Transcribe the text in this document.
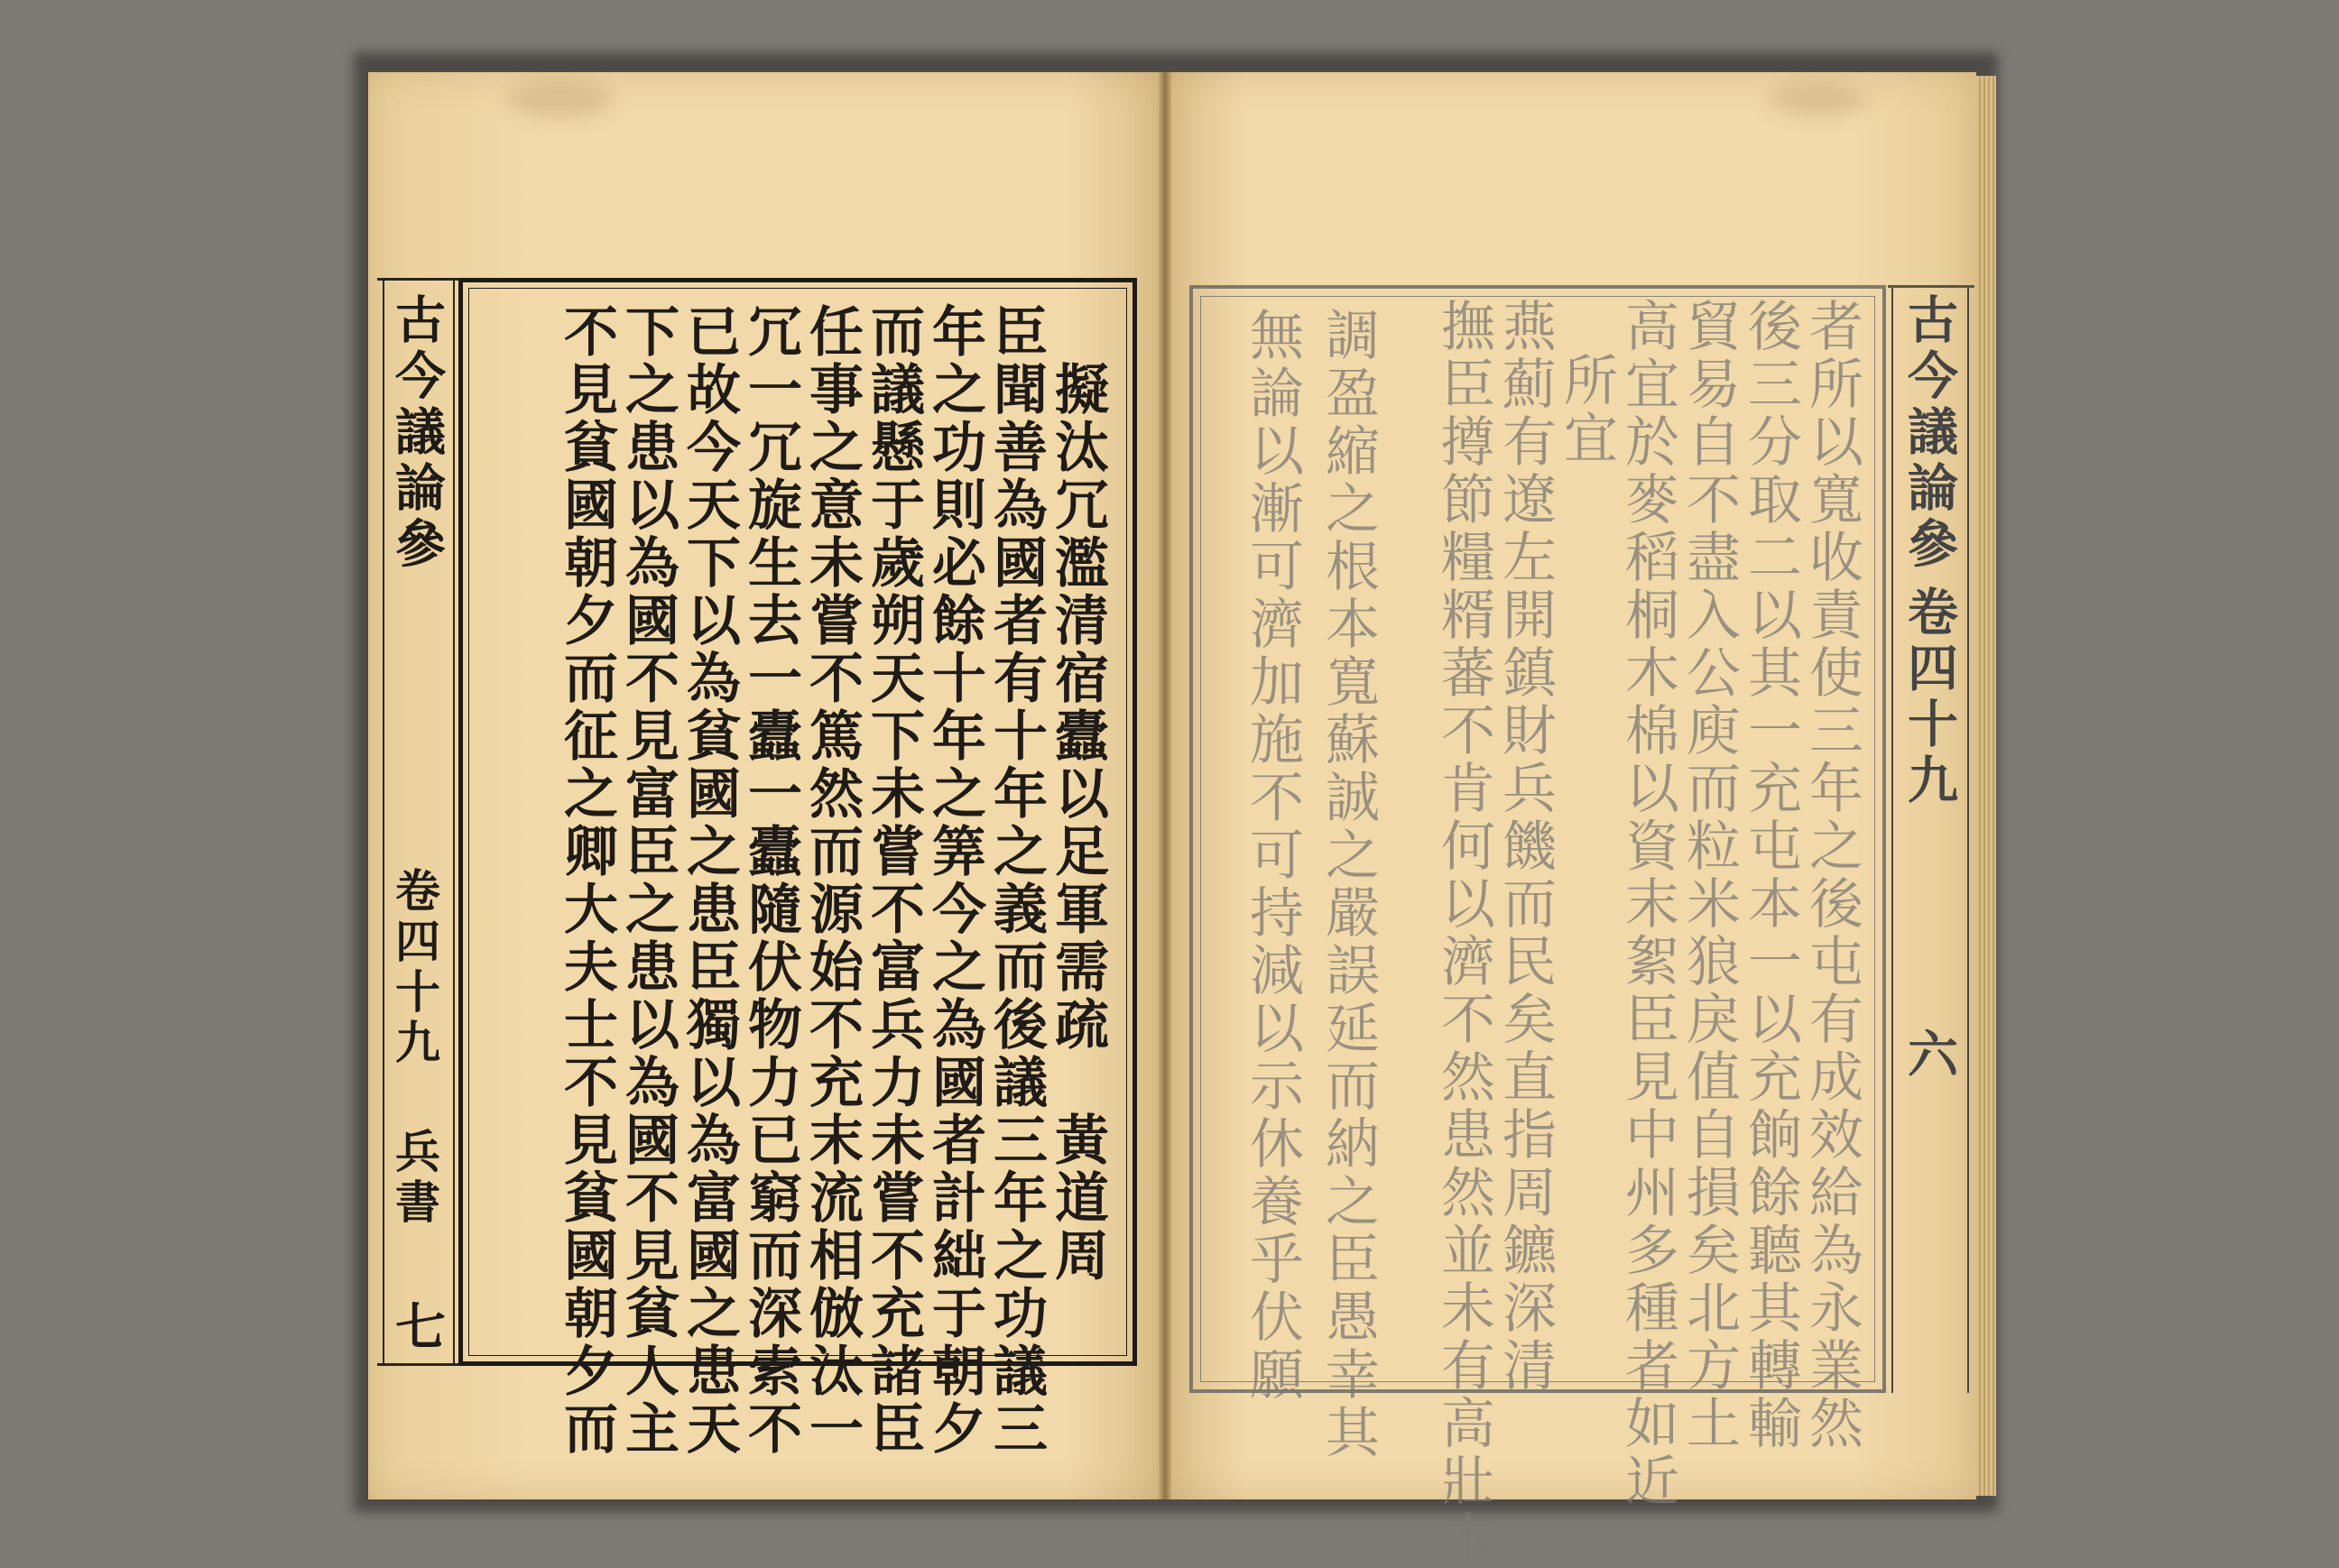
古今議論參
卷四十九 兵書
七
擬汰冗濫清宿蠹以足軍需疏　黃道周
臣聞善為國者有十年之義而後議三年之功議三
年之功則必餘十年之筭今之為國者計絀于朝夕
而議懸于歲朔天下未嘗不富兵力未嘗不充諸臣
任事之意未嘗不篤然而源始不充末流相倣汰一
冗一冗旋生去一蠹一蠹隨伏物力已窮而深索不
已故今天下以為貧國之患臣獨以為富國之患天
下之患以為國不見富臣之患以為國不見貧人主
不見貧國朝夕而征之卿大夫士不見貧國朝夕而	古今議論參
卷四十九
六
者所以寬收責使三年之後屯有成效給為永業然
後三分取二以其一充屯本一以充餉餘聽其轉輸
貿易自不盡入公庾而粒米狼戾值自損矣北方土
高宜於麥稻桐木棉以資末絮臣見中州多種者如近
所宜
燕薊有遼左開鎮財兵饑而民矣直指周鑣深清
撫臣撙節糧糈蕃不肯何以濟不然患然並未有高壯木
調盈縮之根本寬蘇誠之嚴誤延而納之臣愚幸其
無論以漸可濟加施不可持減以示休養乎伏願
